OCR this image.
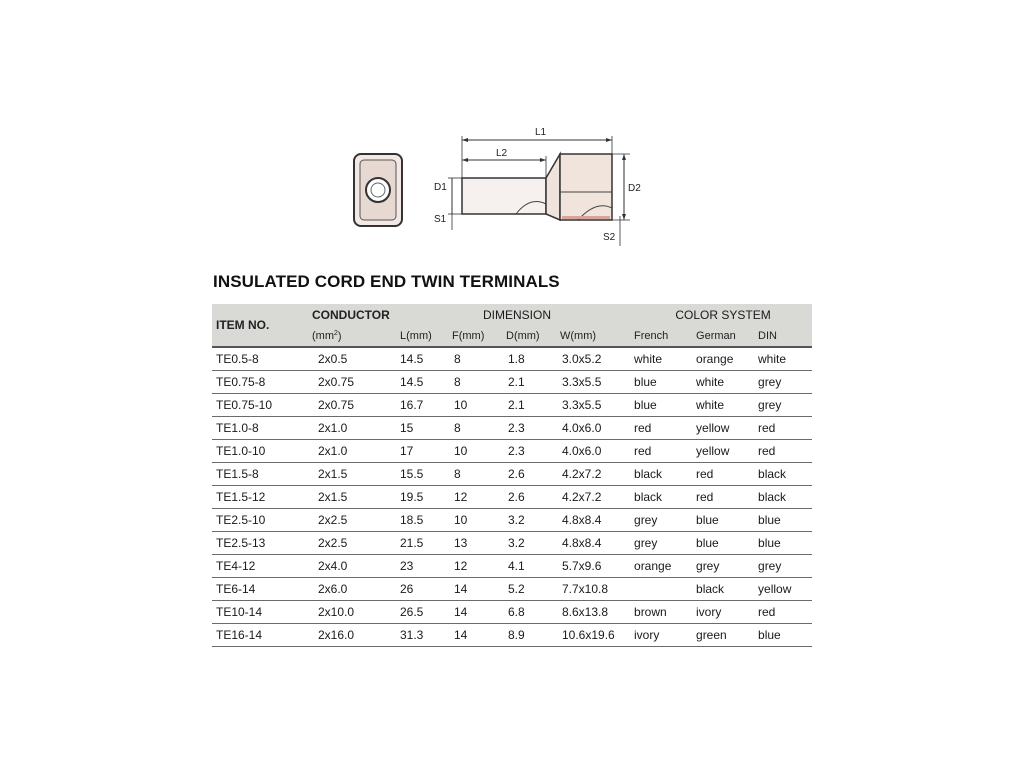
L1
L2
D1	D2
S1
S2
INSULATED CORD END TWIN TERMINALS
ITEM NO.	CONDUCTOR	DIMENSION				COLOR SYSTEM		
	$(mm^2)$	L(mm)	F(mm)	D(mm)	W(mm)	French	German	DIN
TE0.5-8	2x0.5	14.5	8	1.8	3.0x5.2	white	orange	white
TE0.75-8	2x0.75	14.5	8	2.1	3.3x5.5	blue	white	grey
TE0.75-10	2x0.75	16.7	10	2.1	3.3x5.5	blue	white	grey
TE1.0-8	2x1.0	15	8	2.3	4.0x6.0	red	yellow	red
TE1.0-10	2x1.0	17	10	2.3	4.0x6.0	red	yellow	red
TE1.5-8	2x1.5	15.5	8	2.6	4.2x7.2	black	red	black
TE1.5-12	2x1.5	19.5	12	2.6	4.2x7.2	black	red	black
TE2.5-10	2x2.5	18.5	10	3.2	4.8x8.4	grey	blue	blue
TE2.5-13	2x2.5	21.5	13	3.2	4.8x8.4	grey	blue	blue
TE4-12	2x4.0	23	12	4.1	5.7x9.6	orange	grey	grey
TE6-14	2x6.0	26	14	5.2	7.7x10.8		black	yellow
TE10-14	2x10.0	26.5	14	6.8	8.6x13.8	brown	ivory	red
TE16-14	2x16.0	31.3	14	8.9	10.6x19.6	ivory	green	blue
